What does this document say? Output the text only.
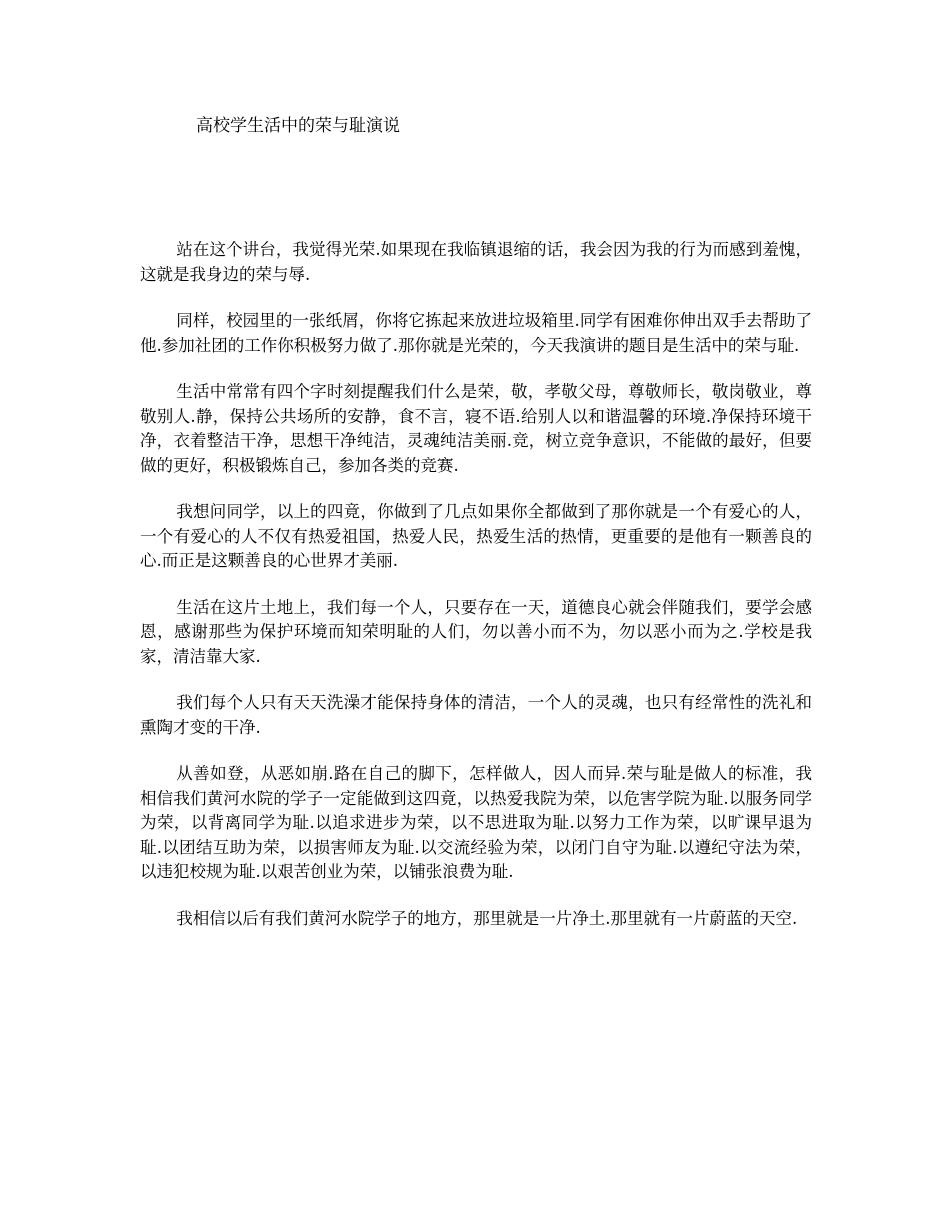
高校学生活中的荣与耻演说

站在这个讲台，我觉得光荣.如果现在我临镇退缩的话，我会因为我的行为而感到羞愧，这就是我身边的荣与辱.

同样，校园里的一张纸屑，你将它拣起来放进垃圾箱里.同学有困难你伸出双手去帮助了他.参加社团的工作你积极努力做了.那你就是光荣的，今天我演讲的题目是生活中的荣与耻.

生活中常常有四个字时刻提醒我们什么是荣，敬，孝敬父母，尊敬师长，敬岗敬业，尊敬别人.静，保持公共场所的安静，食不言，寝不语.给别人以和谐温馨的环境.净保持环境干净，衣着整洁干净，思想干净纯洁，灵魂纯洁美丽.竞，树立竞争意识，不能做的最好，但要做的更好，积极锻炼自己，参加各类的竞赛.

我想问同学，以上的四竟，你做到了几点如果你全都做到了那你就是一个有爱心的人，一个有爱心的人不仅有热爱祖国，热爱人民，热爱生活的热情，更重要的是他有一颗善良的心.而正是这颗善良的心世界才美丽.

生活在这片土地上，我们每一个人，只要存在一天，道德良心就会伴随我们，要学会感恩，感谢那些为保护环境而知荣明耻的人们，勿以善小而不为，勿以恶小而为之.学校是我家，清洁靠大家.

我们每个人只有天天洗澡才能保持身体的清洁，一个人的灵魂，也只有经常性的洗礼和熏陶才变的干净.

从善如登，从恶如崩.路在自己的脚下，怎样做人，因人而异.荣与耻是做人的标准，我相信我们黄河水院的学子一定能做到这四竟，以热爱我院为荣，以危害学院为耻.以服务同学为荣，以背离同学为耻.以追求进步为荣，以不思进取为耻.以努力工作为荣，以旷课早退为耻.以团结互助为荣，以损害师友为耻.以交流经验为荣，以闭门自守为耻.以遵纪守法为荣，以违犯校规为耻.以艰苦创业为荣，以铺张浪费为耻.

我相信以后有我们黄河水院学子的地方，那里就是一片净土.那里就有一片蔚蓝的天空.
